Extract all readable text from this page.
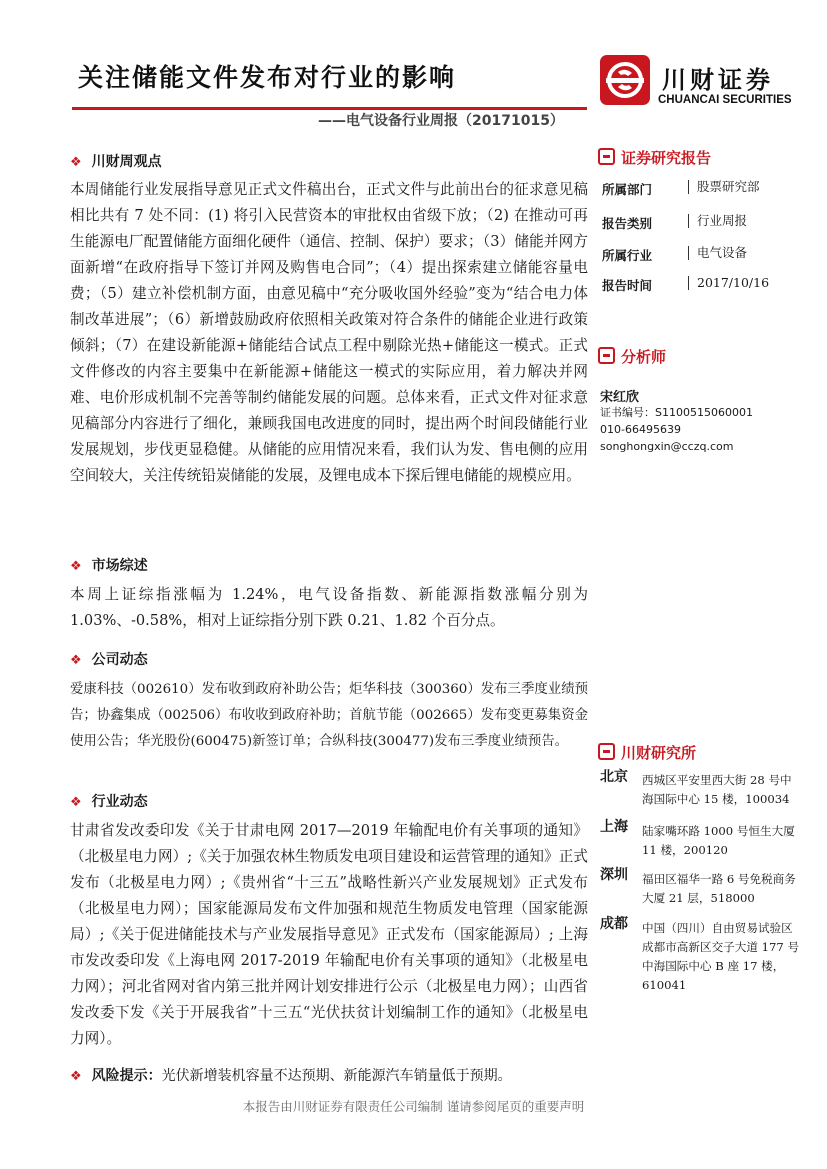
关注储能文件发布对行业的影响	川财证券
CHUANCAI SECURITIES
——电气设备行业周报（20171015）
❖ 川财周观点

本周储能行业发展指导意见正式文件稿出台，正式文件与此前出台的征求意见稿相比共有 7 处不同：(1) 将引入民营资本的审批权由省级下放；（2) 在推动可再生能源电厂配置储能方面细化硬件（通信、控制、保护）要求；（3）储能并网方面新增“在政府指导下签订并网及购售电合同”；（4）提出探索建立储能容量电费；（5）建立补偿机制方面，由意见稿中“充分吸收国外经验”变为“结合电力体制改革进展”；（6）新增鼓励政府依照相关政策对符合条件的储能企业进行政策倾斜；（7）在建设新能源+储能结合试点工程中剔除光热+储能这一模式。正式文件修改的内容主要集中在新能源+储能这一模式的实际应用，着力解决并网难、电价形成机制不完善等制约储能发展的问题。总体来看，正式文件对征求意见稿部分内容进行了细化，兼顾我国电改进度的同时，提出两个时间段储能行业发展规划，步伐更显稳健。从储能的应用情况来看，我们认为发、售电侧的应用空间较大，关注传统铅炭储能的发展，及锂电成本下探后锂电储能的规模应用。

❖ 市场综述

本周上证综指涨幅为 1.24%，电气设备指数、新能源指数涨幅分别为 1.03%、-0.58%，相对上证综指分别下跌 0.21、1.82 个百分点。

❖ 公司动态

爱康科技（002610）发布收到政府补助公告；炬华科技（300360）发布三季度业绩预告；协鑫集成（002506）布收收到政府补助；首航节能（002665）发布变更募集资金使用公告；华光股份(600475)新签订单；合纵科技(300477)发布三季度业绩预告。

❖ 行业动态

甘肃省发改委印发《关于甘肃电网 2017—2019 年输配电价有关事项的通知》（北极星电力网）;《关于加强农林生物质发电项目建设和运营管理的通知》正式发布（北极星电力网）;《贵州省“十三五”战略性新兴产业发展规划》正式发布（北极星电力网）；国家能源局发布文件加强和规范生物质发电管理（国家能源局）;《关于促进储能技术与产业发展指导意见》正式发布（国家能源局）; 上海市发改委印发《上海电网 2017-2019 年输配电价有关事项的通知》（北极星电力网）；河北省网对省内第三批并网计划安排进行公示（北极星电力网）；山西省发改委下发《关于开展我省”十三五“光伏扶贫计划编制工作的通知》（北极星电力网）。

❖ 风险提示：光伏新增装机容量不达预期、新能源汽车销量低于预期。
证券研究报告
所属部门	股票研究部
报告类别	行业周报
所属行业	电气设备
报告时间	2017/10/16
分析师
宋红欣
证书编号：S1100515060001
010-66495639
songhongxin@cczq.com
川财研究所
北京 西城区平安里西大街 28 号中海国际中心 15 楼，100034
上海 陆家嘴环路 1000 号恒生大厦 11 楼，200120
深圳 福田区福华一路 6 号免税商务大厦 21 层，518000
成都 中国（四川）自由贸易试验区成都市高新区交子大道 177 号中海国际中心 B 座 17 楼，610041
本报告由川财证券有限责任公司编制 谨请参阅尾页的重要声明
